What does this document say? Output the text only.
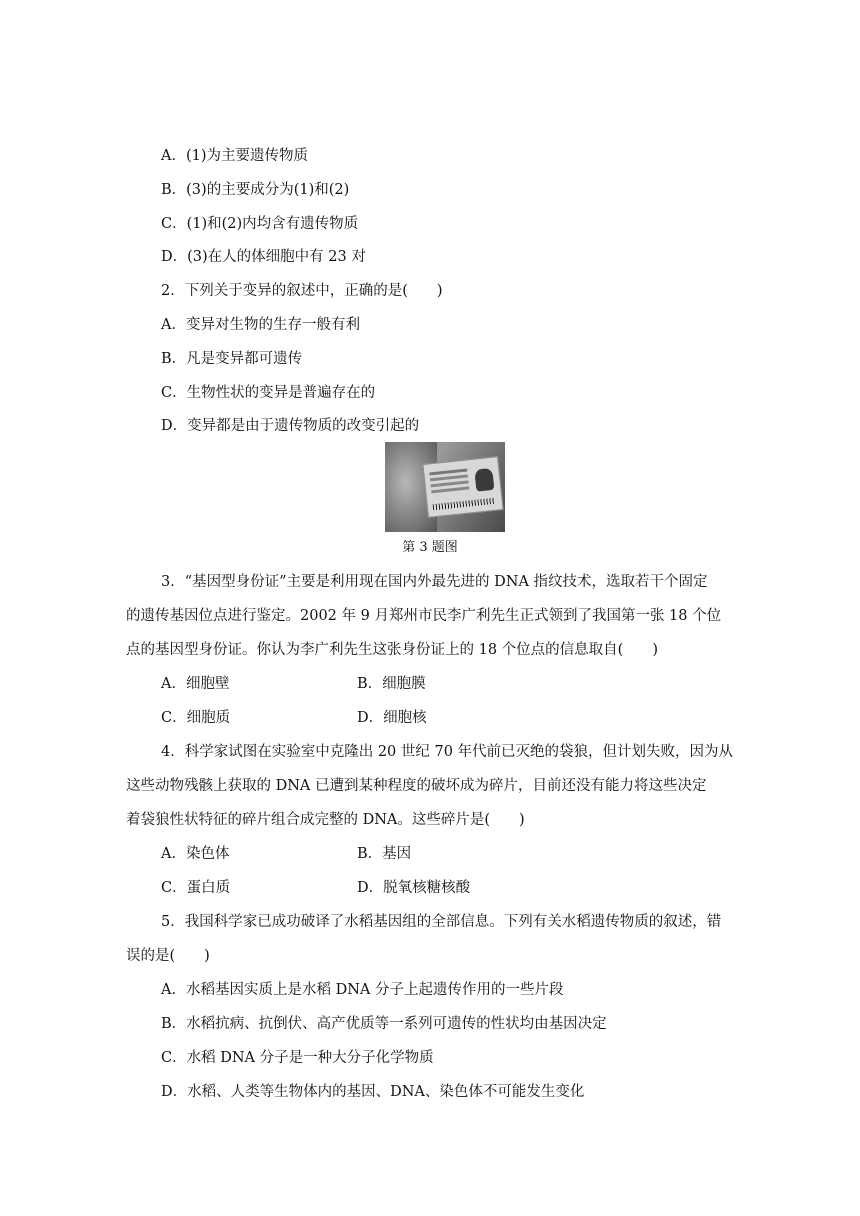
A．(1)为主要遗传物质
B．(3)的主要成分为(1)和(2)
C．(1)和(2)内均含有遗传物质
D．(3)在人的体细胞中有 23 对
2．下列关于变异的叙述中，正确的是(　　)
A．变异对生物的生存一般有利
B．凡是变异都可遗传
C．生物性状的变异是普遍存在的
D．变异都是由于遗传物质的改变引起的
第 3 题图
3．“基因型身份证”主要是利用现在国内外最先进的 DNA 指纹技术，选取若干个固定
的遗传基因位点进行鉴定。2002 年 9 月郑州市民李广利先生正式领到了我国第一张 18 个位
点的基因型身份证。你认为李广利先生这张身份证上的 18 个位点的信息取自(　　)
A．细胞壁	B．细胞膜
C．细胞质	D．细胞核
4．科学家试图在实验室中克隆出 20 世纪 70 年代前已灭绝的袋狼，但计划失败，因为从
这些动物残骸上获取的 DNA 已遭到某种程度的破坏成为碎片，目前还没有能力将这些决定
着袋狼性状特征的碎片组合成完整的 DNA。这些碎片是(　　)
A．染色体	B．基因
C．蛋白质	D．脱氧核糖核酸
5．我国科学家已成功破译了水稻基因组的全部信息。下列有关水稻遗传物质的叙述，错
误的是(　　)
A．水稻基因实质上是水稻 DNA 分子上起遗传作用的一些片段
B．水稻抗病、抗倒伏、高产优质等一系列可遗传的性状均由基因决定
C．水稻 DNA 分子是一种大分子化学物质
D．水稻、人类等生物体内的基因、DNA、染色体不可能发生变化
